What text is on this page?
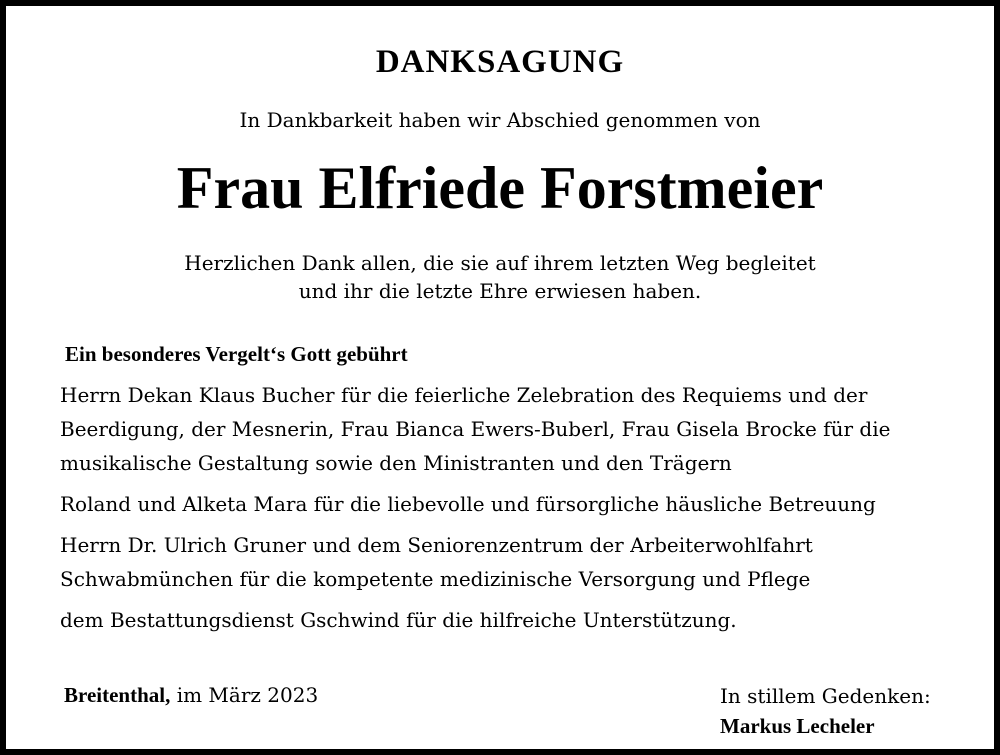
DANKSAGUNG
In Dankbarkeit haben wir Abschied genommen von
Frau Elfriede Forstmeier
Herzlichen Dank allen, die sie auf ihrem letzten Weg begleitet
und ihr die letzte Ehre erwiesen haben.
Ein besonderes Vergelt‘s Gott gebührt
Herrn Dekan Klaus Bucher für die feierliche Zelebration des Requiems und der
Beerdigung, der Mesnerin, Frau Bianca Ewers-Buberl, Frau Gisela Brocke für die
musikalische Gestaltung sowie den Ministranten und den Trägern
Roland und Alketa Mara für die liebevolle und fürsorgliche häusliche Betreuung
Herrn Dr. Ulrich Gruner und dem Seniorenzentrum der Arbeiterwohlfahrt
Schwabmünchen für die kompetente medizinische Versorgung und Pflege
dem Bestattungsdienst Gschwind für die hilfreiche Unterstützung.
Breitenthal, im März 2023	In stillem Gedenken:
Markus Lecheler
